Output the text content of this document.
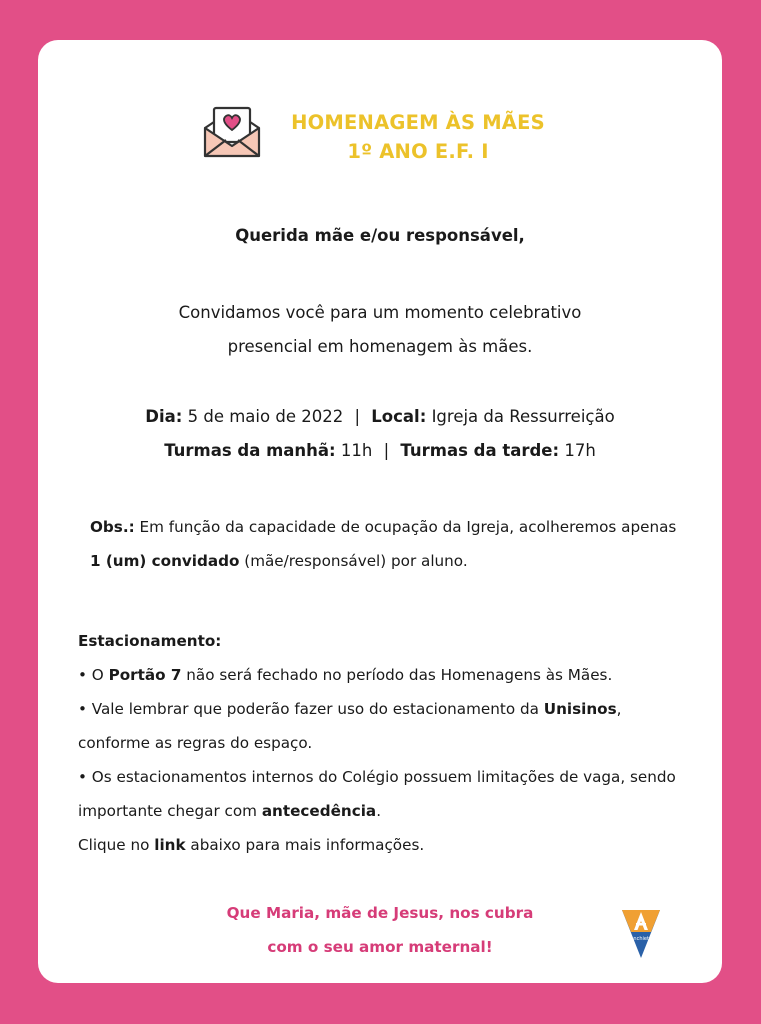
HOMENAGEM ÀS MÃES
1º ANO E.F. I
Querida mãe e/ou responsável,
Convidamos você para um momento celebrativo
presencial em homenagem às mães.
Dia: 5 de maio de 2022 | Local: Igreja da Ressurreição
Turmas da manhã: 11h | Turmas da tarde: 17h

Obs.: Em função da capacidade de ocupação da Igreja, acolheremos apenas 1 (um) convidado (mãe/responsável) por aluno.

Estacionamento:

• O Portão 7 não será fechado no período das Homenagens às Mães.

• Vale lembrar que poderão fazer uso do estacionamento da Unisinos, conforme as regras do espaço.

• Os estacionamentos internos do Colégio possuem limitações de vaga, sendo importante chegar com antecedência.

Clique no link abaixo para mais informações.

Que Maria, mãe de Jesus, nos cubra
com o seu amor maternal!	Anchieta
